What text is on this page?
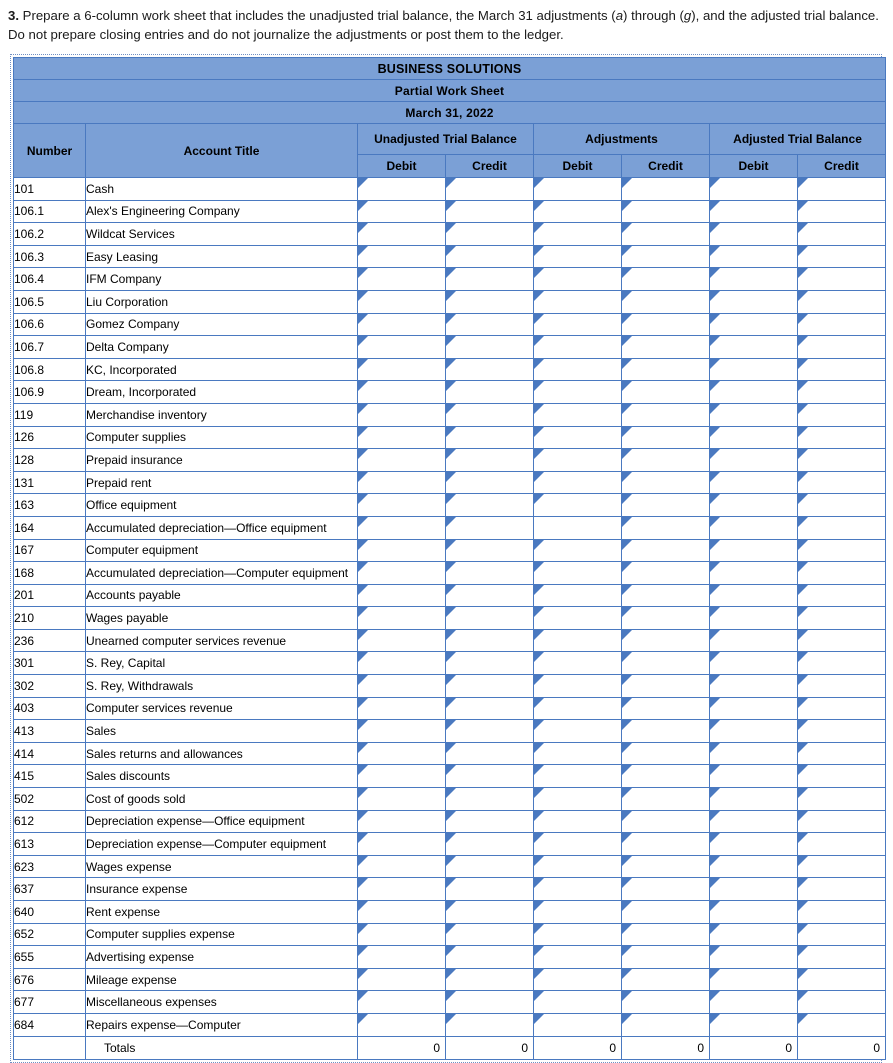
3. Prepare a 6-column work sheet that includes the unadjusted trial balance, the March 31 adjustments (a) through (g), and the adjusted trial balance. Do not prepare closing entries and do not journalize the adjustments or post them to the ledger.

BUSINESS SOLUTIONS							
Partial Work Sheet							
March 31, 2022							
Number	Account Title	Unadjusted Trial Balance		Adjustments		Adjusted Trial Balance	
		Debit	Credit	Debit	Credit	Debit	Credit
101	Cash	

106.1	Alex's Engineering Company	

106.2	Wildcat Services	

106.3	Easy Leasing	

106.4	IFM Company	

106.5	Liu Corporation	

106.6	Gomez Company	

106.7	Delta Company	

106.8	KC, Incorporated	

106.9	Dream, Incorporated	

119	Merchandise inventory	

126	Computer supplies	

128	Prepaid insurance	

131	Prepaid rent	

163	Office equipment	

164	Accumulated depreciation—Office equipment	

167	Computer equipment	

168	Accumulated depreciation—Computer equipment	

201	Accounts payable	

210	Wages payable	

236	Unearned computer services revenue	

301	S. Rey, Capital	

302	S. Rey, Withdrawals	

403	Computer services revenue	

413	Sales	

414	Sales returns and allowances	

415	Sales discounts	

502	Cost of goods sold	

612	Depreciation expense—Office equipment	

613	Depreciation expense—Computer equipment	

623	Wages expense	

637	Insurance expense	

640	Rent expense	

652	Computer supplies expense	

655	Advertising expense	

676	Mileage expense	

677	Miscellaneous expenses	

684	Repairs expense—Computer	

	Totals	0	0	0	0	0	0
